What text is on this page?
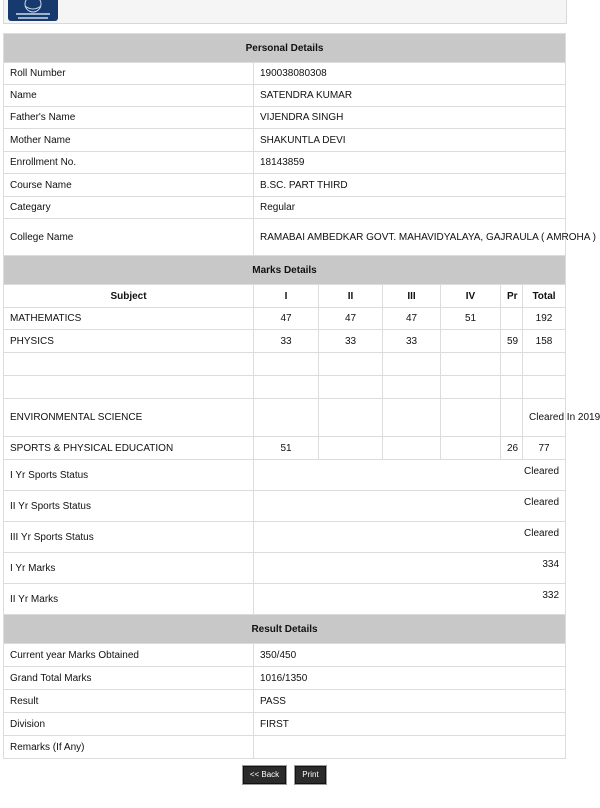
Personal Details						
Roll Number	190038080308					
Name	SATENDRA KUMAR					
Father's Name	VIJENDRA SINGH					
Mother Name	SHAKUNTLA DEVI					
Enrollment No.	18143859					
Course Name	B.SC. PART THIRD					
Categary	Regular					
College Name	RAMABAI AMBEDKAR GOVT. MAHAVIDYALAYA, GAJRAULA ( AMROHA )					
Marks Details						
Subject	I	II	III	IV	Pr	Total
MATHEMATICS	47	47	47	51		192
PHYSICS	33	33	33		59	158

ENVIRONMENTAL SCIENCE						Cleared In 2019
SPORTS & PHYSICAL EDUCATION	51				26	77
I Yr Sports Status	Cleared					
II Yr Sports Status	Cleared					
III Yr Sports Status	Cleared					
I Yr Marks	334					
II Yr Marks	332					
Result Details						
Current year Marks Obtained	350/450					
Grand Total Marks	1016/1350					
Result	PASS					
Division	FIRST					
Remarks (If Any)						
<< Back	Print
